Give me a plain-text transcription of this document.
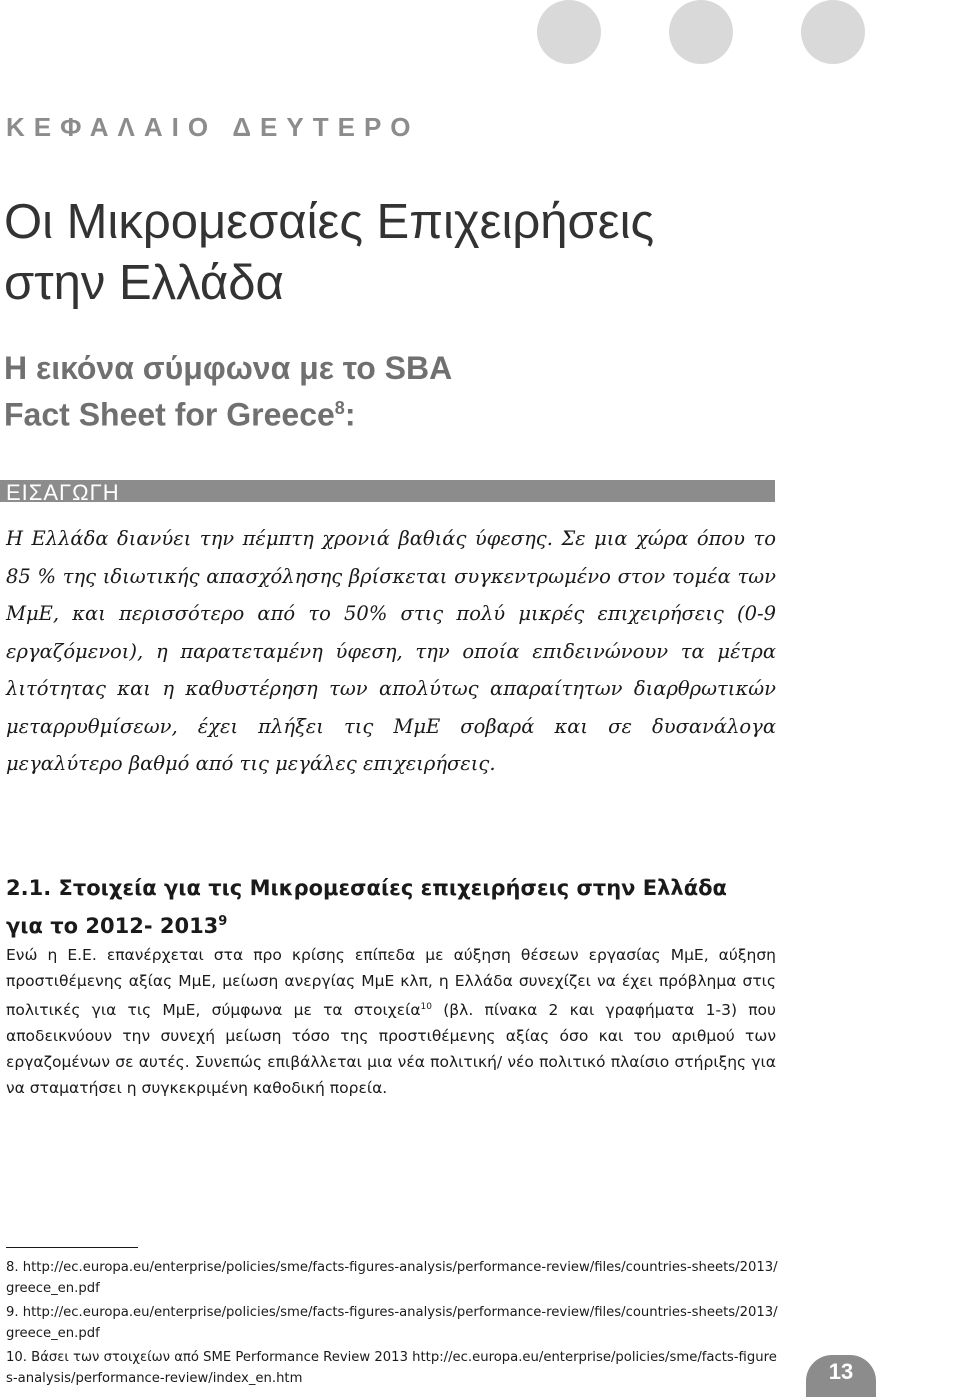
ΚΕΦΑΛΑΙΟ ΔΕΥΤΕΡΟ
Οι Μικρομεσαίες Επιχειρήσεις
στην Ελλάδα
Η εικόνα σύμφωνα με το SBA
Fact Sheet for Greece$^8$:
ΕΙΣΑΓΩΓΗ

Η Ελλάδα διανύει την πέμπτη χρονιά βαθιάς ύφεσης. Σε μια χώρα όπου το 85 % της ιδιωτικής απασχόλησης βρίσκεται συγκεντρωμένο στον τομέα των ΜμΕ, και περισσότερο από το 50% στις πολύ μικρές επιχειρήσεις (0-9 εργαζόμενοι), η παρατεταμένη ύφεση, την οποία επιδεινώνουν τα μέτρα λιτότητας και η καθυστέρηση των απολύτως απαραίτητων διαρθρωτικών μεταρρυθμίσεων, έχει πλήξει τις ΜμΕ σοβαρά και σε δυσανάλογα μεγαλύτερο βαθμό από τις μεγάλες επιχειρήσεις.

2.1. Στοιχεία για τις Μικρομεσαίες επιχειρήσεις στην Ελλάδα
για το 2012- 2013$^9$

Ενώ η Ε.Ε. επανέρχεται στα προ κρίσης επίπεδα με αύξηση θέσεων εργασίας ΜμΕ, αύξηση προστιθέμενης αξίας ΜμΕ, μείωση ανεργίας ΜμΕ κλπ, η Ελλάδα συνεχίζει να έχει πρόβλημα στις πολιτικές για τις ΜμΕ, σύμφωνα με τα στοιχεία$^{10}$ (βλ. πίνακα 2 και γραφήματα 1-3) που αποδεικνύουν την συνεχή μείωση τόσο της προστιθέμενης αξίας όσο και του αριθμού των εργαζομένων σε αυτές. Συνεπώς επιβάλλεται μια νέα πολιτική/ νέο πολιτικό πλαίσιο στήριξης για να σταματήσει η συγκεκριμένη καθοδική πορεία.

8. http://ec.europa.eu/enterprise/policies/sme/facts-figures-analysis/performance-review/files/countries-sheets/2013/greece_en.pdf
9. http://ec.europa.eu/enterprise/policies/sme/facts-figures-analysis/performance-review/files/countries-sheets/2013/greece_en.pdf
10. Βάσει των στοιχείων από SME Performance Review 2013 http://ec.europa.eu/enterprise/policies/sme/facts-figures-analysis/performance-review/index_en.htm	13
